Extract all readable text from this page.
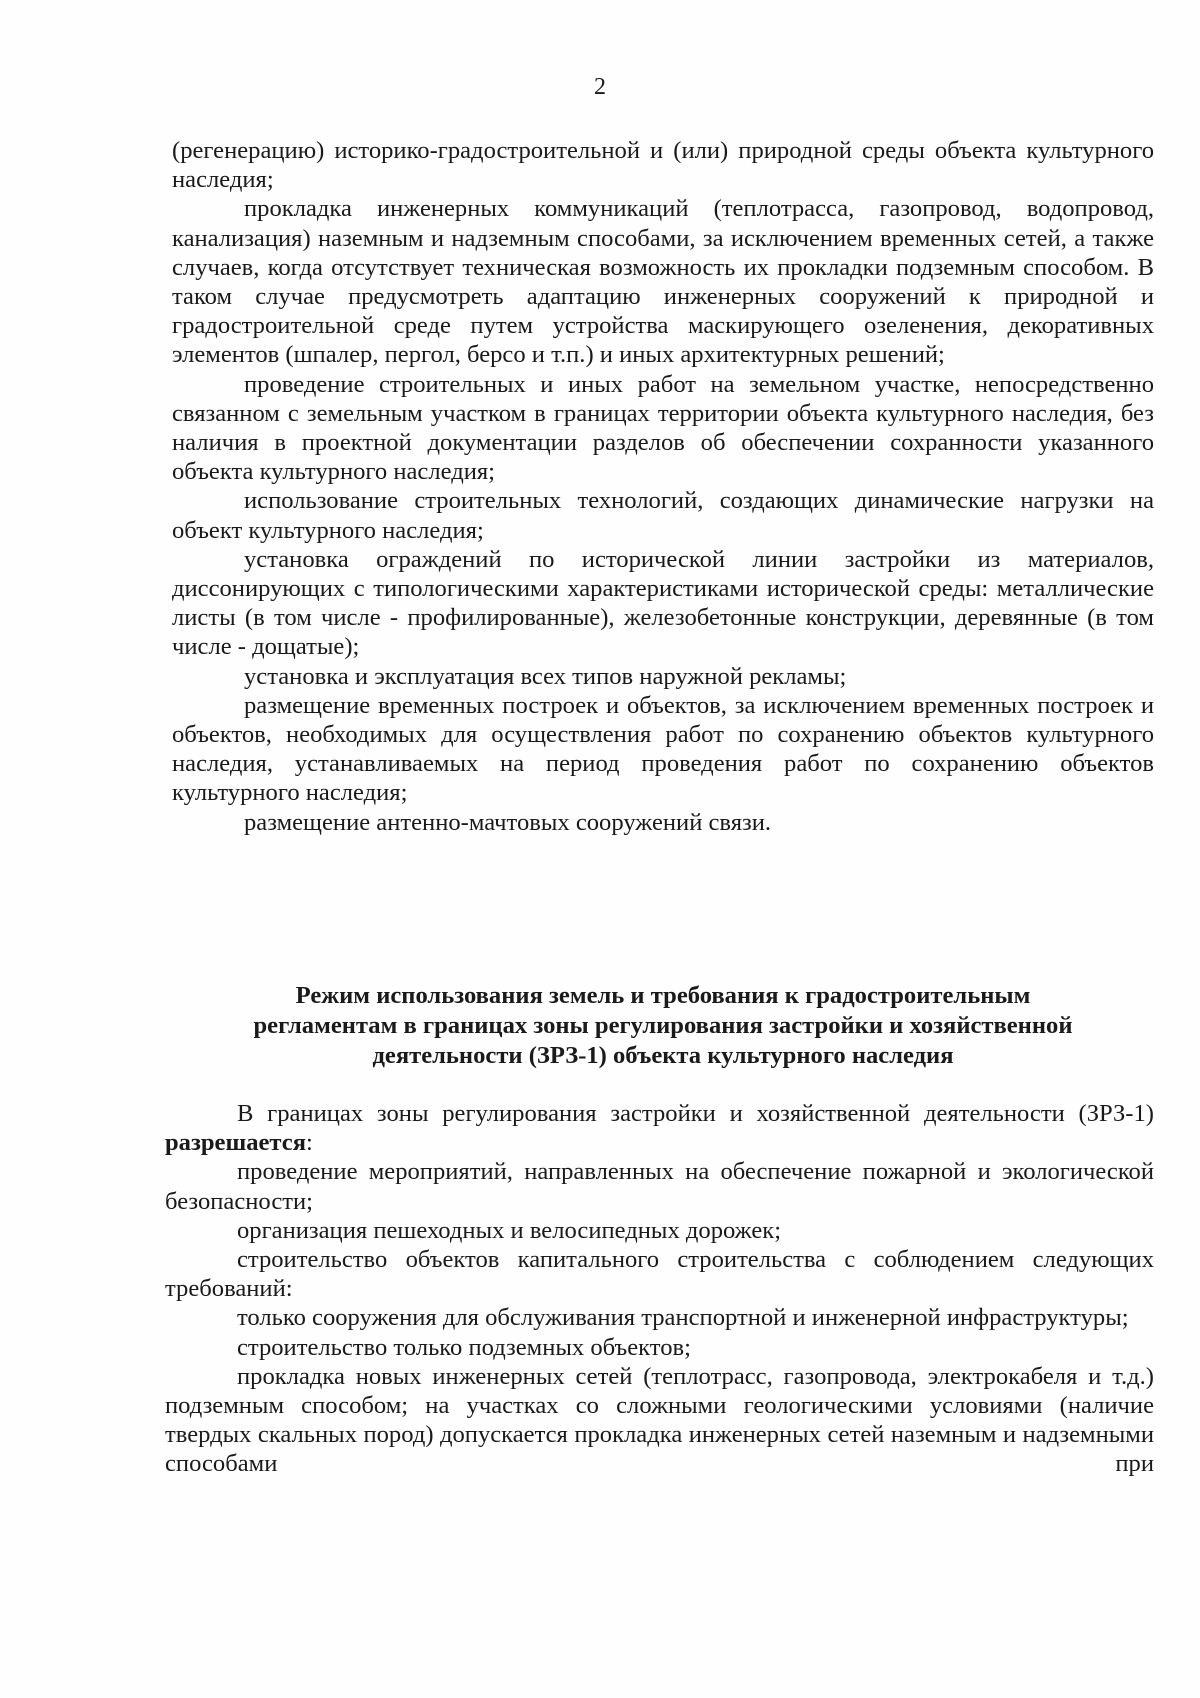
2

(регенерацию) историко-градостроительной и (или) природной среды объекта культурного наследия;

прокладка инженерных коммуникаций (теплотрасса, газопровод, водопровод, канализация) наземным и надземным способами, за исключением временных сетей, а также случаев, когда отсутствует техническая возможность их прокладки подземным способом. В таком случае предусмотреть адаптацию инженерных сооружений к природной и градостроительной среде путем устройства маскирующего озеленения, декоративных элементов (шпалер, пергол, берсо и т.п.) и иных архитектурных решений;

проведение строительных и иных работ на земельном участке, непосредственно связанном с земельным участком в границах территории объекта культурного наследия, без наличия в проектной документации разделов об обеспечении сохранности указанного объекта культурного наследия;

использование строительных технологий, создающих динамические нагрузки на объект культурного наследия;

установка ограждений по исторической линии застройки из материалов, диссонирующих с типологическими характеристиками исторической среды: металлические листы (в том числе - профилированные), железобетонные конструкции, деревянные (в том числе - дощатые);

установка и эксплуатация всех типов наружной рекламы;

размещение временных построек и объектов, за исключением временных построек и объектов, необходимых для осуществления работ по сохранению объектов культурного наследия, устанавливаемых на период проведения работ по сохранению объектов культурного наследия;

размещение антенно-мачтовых сооружений связи.

Режим использования земель и требования к градостроительным
регламентам в границах зоны регулирования застройки и хозяйственной
деятельности (ЗРЗ-1) объекта культурного наследия

В границах зоны регулирования застройки и хозяйственной деятельности (ЗРЗ-1) разрешается:

проведение мероприятий, направленных на обеспечение пожарной и экологической безопасности;

организация пешеходных и велосипедных дорожек;

строительство объектов капитального строительства с соблюдением следующих требований:

только сооружения для обслуживания транспортной и инженерной инфраструктуры;

строительство только подземных объектов;

прокладка новых инженерных сетей (теплотрасс, газопровода, электрокабеля и т.д.) подземным способом; на участках со сложными геологическими условиями (наличие твердых скальных пород) допускается прокладка инженерных сетей наземным и надземными способами при
